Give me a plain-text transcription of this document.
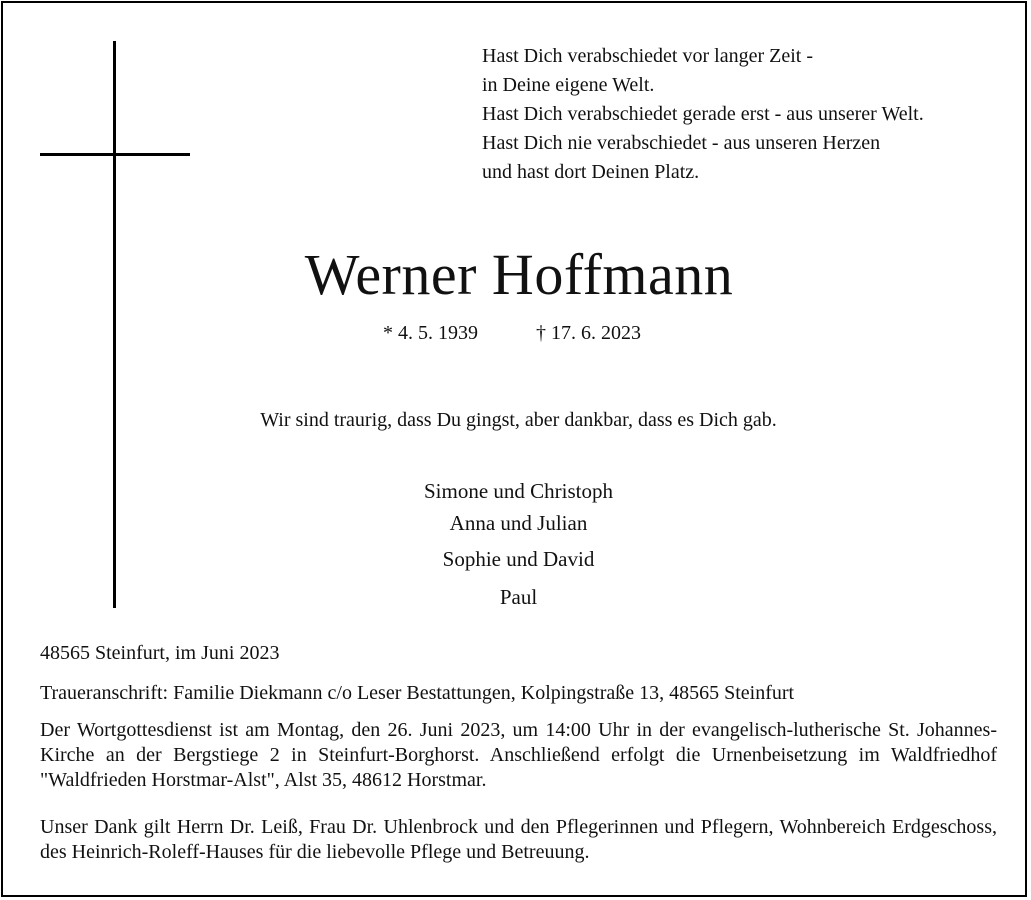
Hast Dich verabschiedet vor langer Zeit -
in Deine eigene Welt.
Hast Dich verabschiedet gerade erst - aus unserer Welt.
Hast Dich nie verabschiedet - aus unseren Herzen
und hast dort Deinen Platz.
Werner Hoffmann
* 4. 5. 1939	† 17. 6. 2023
Wir sind traurig, dass Du gingst, aber dankbar, dass es Dich gab.
Simone und Christoph
Anna und Julian
Sophie und David
Paul
48565 Steinfurt, im Juni 2023
Traueranschrift: Familie Diekmann c/o Leser Bestattungen, Kolpingstraße 13, 48565 Steinfurt
Der Wortgottesdienst ist am Montag, den 26. Juni 2023, um 14:00 Uhr in der evangelisch-lutherische St. Johannes-Kirche an der Bergstiege 2 in Steinfurt-Borghorst. Anschließend erfolgt die Urnenbeisetzung im Waldfriedhof "Waldfrieden Horstmar-Alst", Alst 35, 48612 Horstmar.
Unser Dank gilt Herrn Dr. Leiß, Frau Dr. Uhlenbrock und den Pflegerinnen und Pflegern, Wohnbereich Erdgeschoss, des Heinrich-Roleff-Hauses für die liebevolle Pflege und Betreuung.
